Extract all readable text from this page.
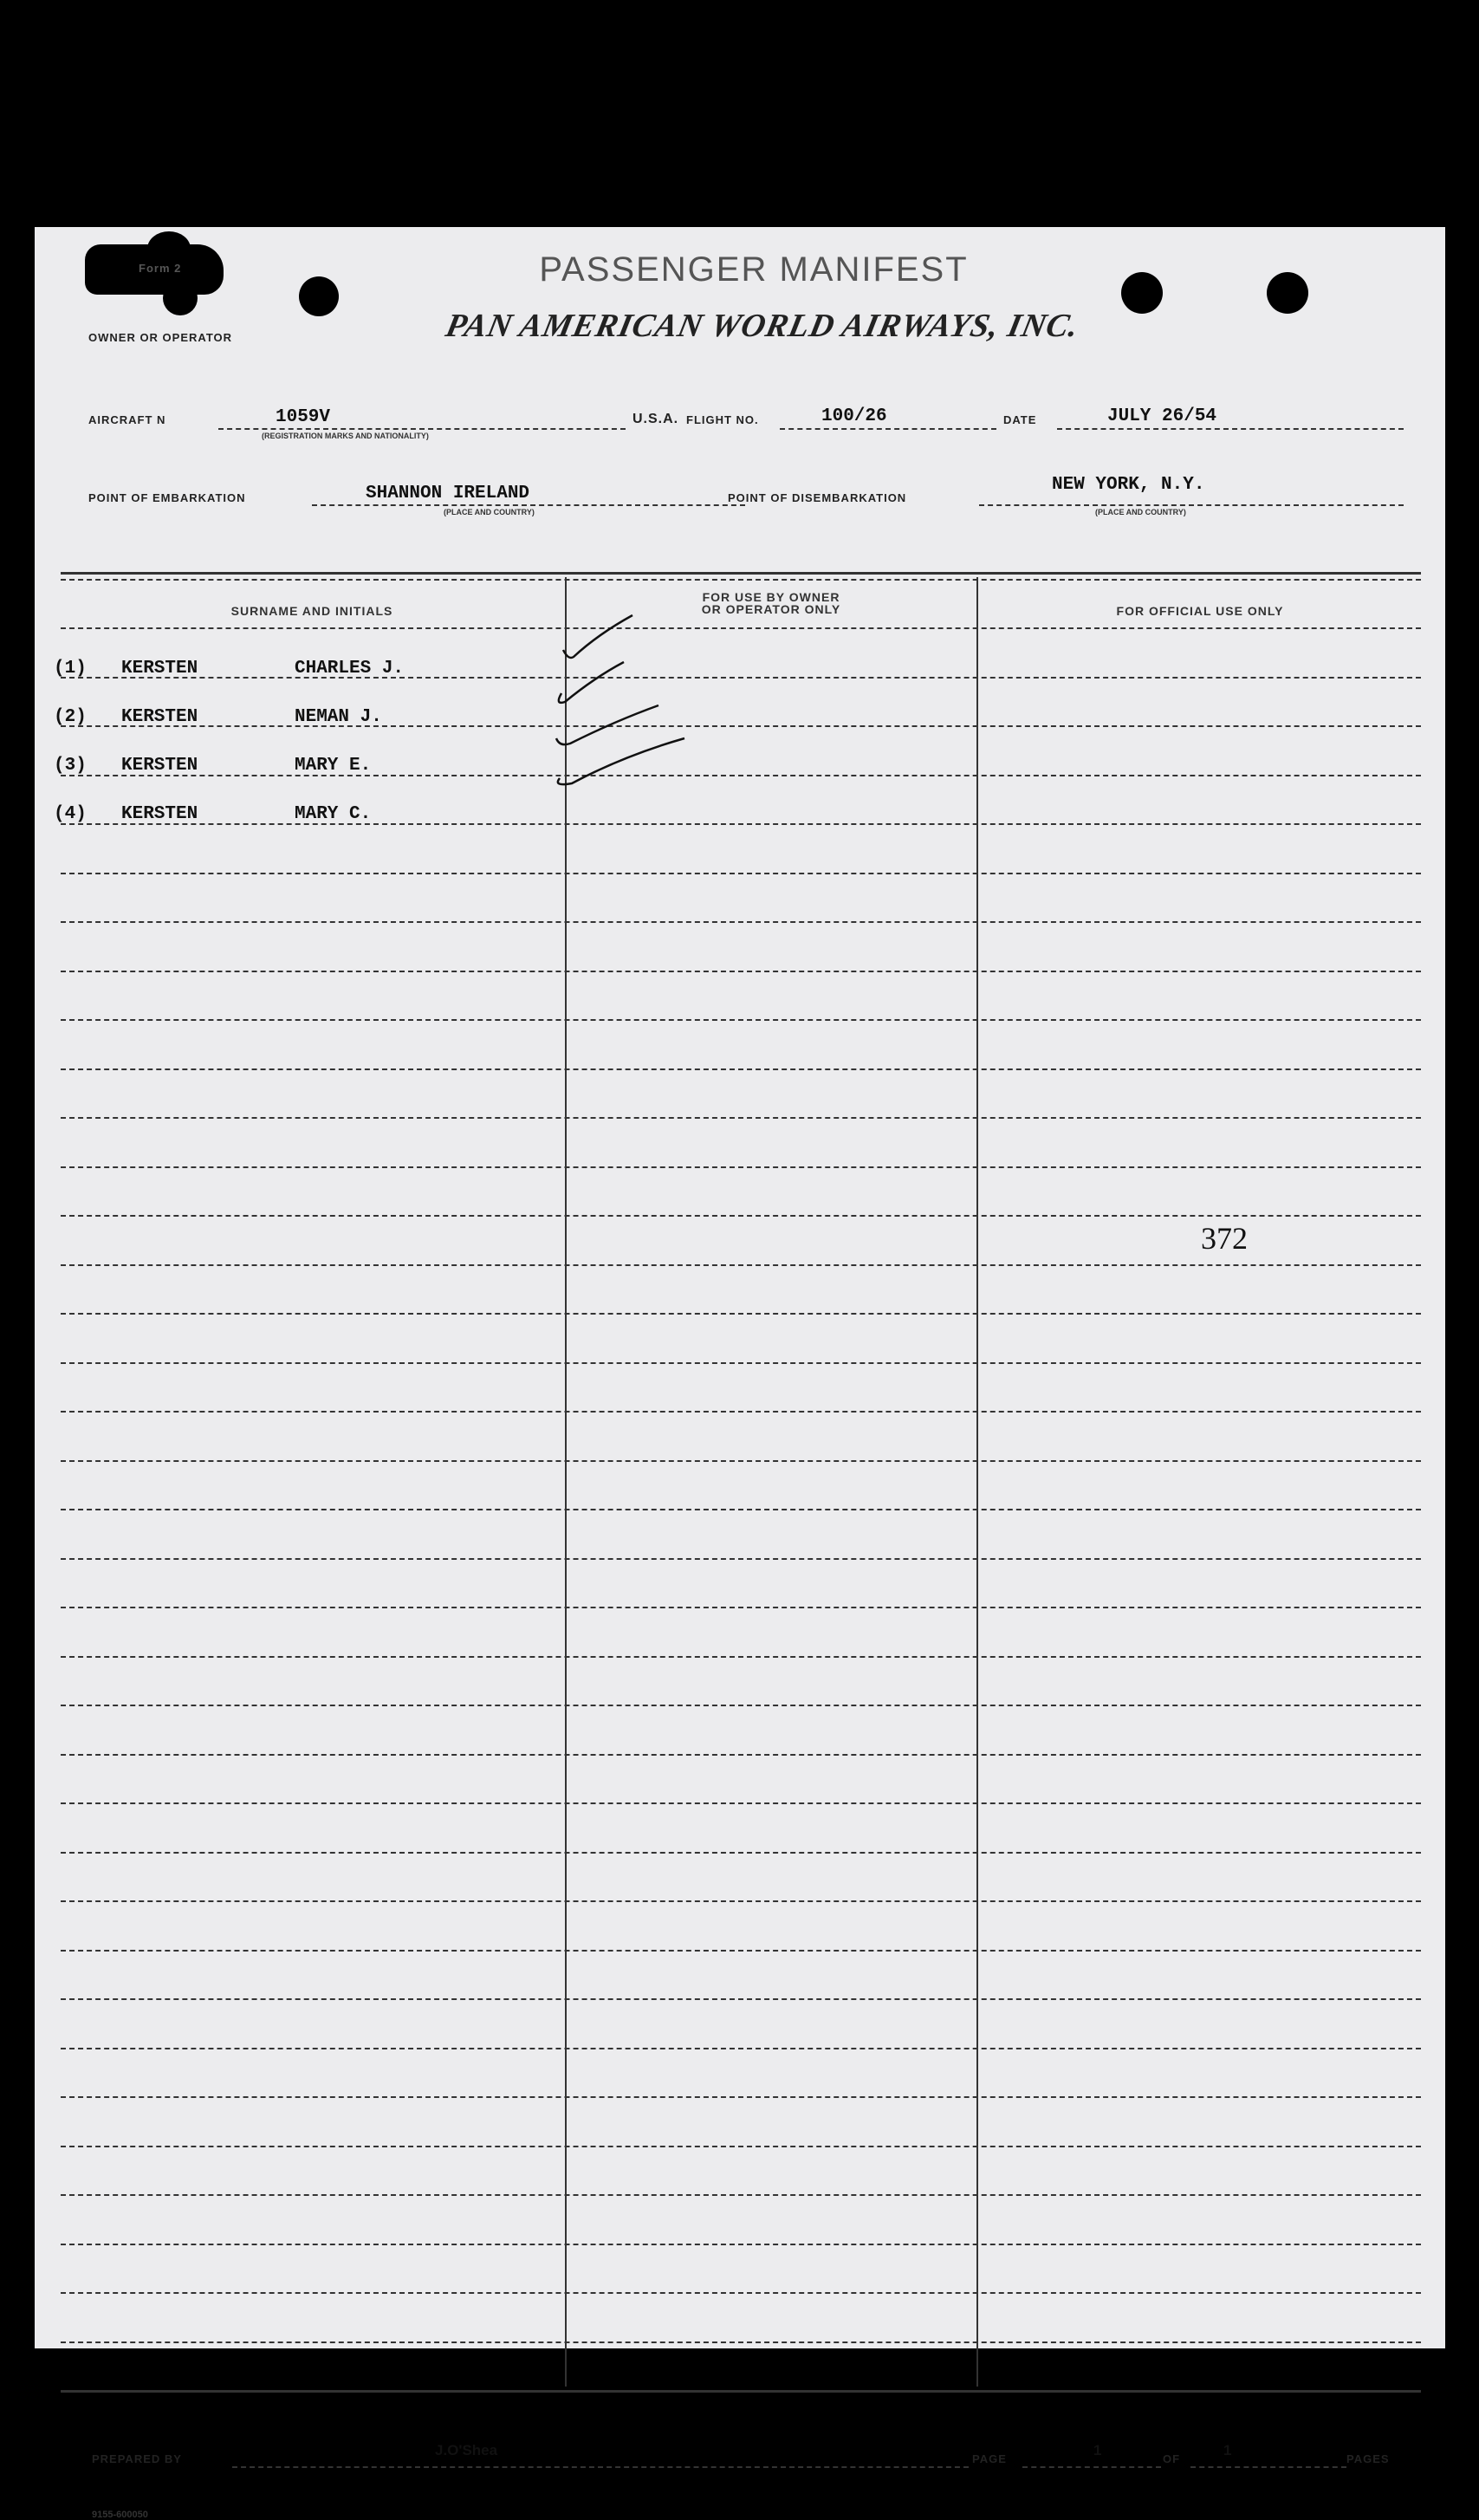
Form 2	PASSENGER MANIFEST
OWNER OR OPERATOR	PAN AMERICAN WORLD AIRWAYS, INC.
AIRCRAFT N	1059V
(REGISTRATION MARKS AND NATIONALITY)
U.S.A. FLIGHT NO.	100/26	DATE	JULY 26/54
POINT OF EMBARKATION	SHANNON IRELAND
(PLACE AND COUNTRY)
POINT OF DISEMBARKATION
NEW YORK, N.Y.
(PLACE AND COUNTRY)
SURNAME AND INITIALS
FOR USE BY OWNER
OR OPERATOR ONLY	FOR OFFICIAL USE ONLY
(1) KERSTEN	CHARLES J.
(2) KERSTEN	NEMAN J.
(3) KERSTEN	MARY E.
(4) KERSTEN	MARY C.
372
PREPARED BY
J.O'Shea
PAGE
1
OF
1
PAGES
9155-600050
